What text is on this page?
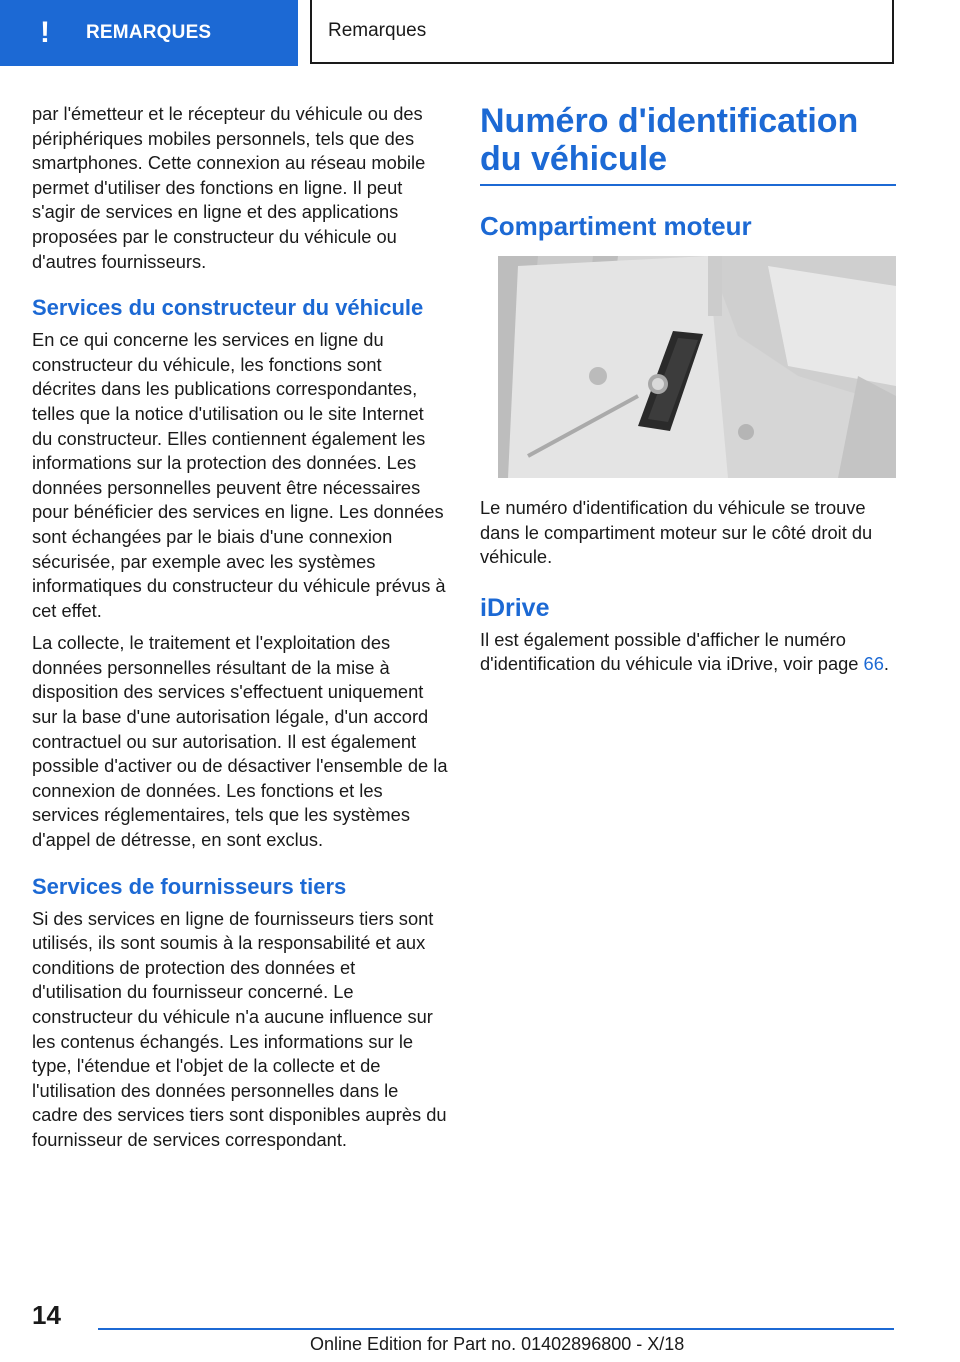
!	REMARQUES	Remarques

par l'émetteur et le récepteur du véhicule ou des périphériques mobiles personnels, tels que des smartphones. Cette connexion au réseau mobile permet d'utiliser des fonctions en ligne. Il peut s'agir de services en ligne et des applications proposées par le constructeur du véhicule ou d'autres fournisseurs.

Services du constructeur du véhicule

En ce qui concerne les services en ligne du constructeur du véhicule, les fonctions sont décrites dans les publications correspondantes, telles que la notice d'utilisation ou le site Internet du constructeur. Elles contiennent également les informations sur la protection des données. Les données personnelles peuvent être nécessaires pour bénéficier des services en ligne. Les données sont échangées par le biais d'une connexion sécurisée, par exemple avec les systèmes informatiques du constructeur du véhicule prévus à cet effet.

La collecte, le traitement et l'exploitation des données personnelles résultant de la mise à disposition des services s'effectuent uniquement sur la base d'une autorisation légale, d'un accord contractuel ou sur autorisation. Il est également possible d'activer ou de désactiver l'ensemble de la connexion de données. Les fonctions et les services réglementaires, tels que les systèmes d'appel de détresse, en sont exclus.

Services de fournisseurs tiers

Si des services en ligne de fournisseurs tiers sont utilisés, ils sont soumis à la responsabilité et aux conditions de protection des données et d'utilisation du fournisseur concerné. Le constructeur du véhicule n'a aucune influence sur les contenus échangés. Les informations sur le type, l'étendue et l'objet de la collecte et de l'utilisation des données personnelles dans le cadre des services tiers sont disponibles auprès du fournisseur de services correspondant.

Numéro d'identification du véhicule
Compartiment moteur

Le numéro d'identification du véhicule se trouve dans le compartiment moteur sur le côté droit du véhicule.

iDrive

Il est également possible d'afficher le numéro d'identification du véhicule via iDrive, voir page 66.

14
Online Edition for Part no. 01402896800 - X/18
